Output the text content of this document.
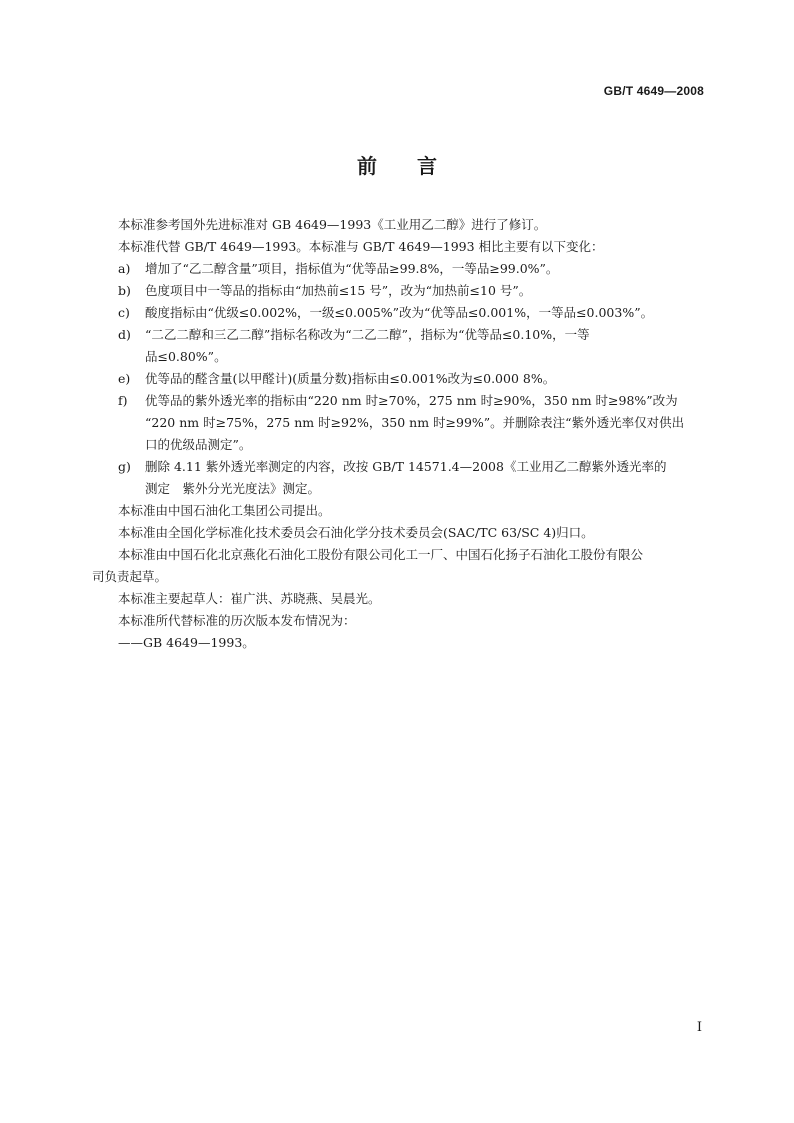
GB/T 4649—2008
前 言

本标准参考国外先进标准对 GB 4649—1993《工业用乙二醇》进行了修订。

本标准代替 GB/T 4649—1993。本标准与 GB/T 4649—1993 相比主要有以下变化：

a)	增加了“乙二醇含量”项目，指标值为“优等品≥99.8%，一等品≥99.0%”。
b)	色度项目中一等品的指标由“加热前≤15 号”，改为“加热前≤10 号”。
c)	酸度指标由“优级≤0.002%，一级≤0.005%”改为“优等品≤0.001%，一等品≤0.003%”。
d)	“二乙二醇和三乙二醇”指标名称改为“二乙二醇”，指标为“优等品≤0.10%，一等
品≤0.80%”。
e)	优等品的醛含量(以甲醛计)(质量分数)指标由≤0.001%改为≤0.000 8%。
f)	优等品的紫外透光率的指标由“220 nm 时≥70%，275 nm 时≥90%，350 nm 时≥98%”改为
“220 nm 时≥75%，275 nm 时≥92%，350 nm 时≥99%”。并删除表注“紫外透光率仅对供出
口的优级品测定”。
g)	删除 4.11 紫外透光率测定的内容，改按 GB/T 14571.4—2008《工业用乙二醇紫外透光率的
测定　紫外分光光度法》测定。

本标准由中国石油化工集团公司提出。

本标准由全国化学标准化技术委员会石油化学分技术委员会(SAC/TC 63/SC 4)归口。

本标准由中国石化北京燕化石油化工股份有限公司化工一厂、中国石化扬子石油化工股份有限公
司负责起草。

本标准主要起草人：崔广洪、苏晓燕、吴晨光。

本标准所代替标准的历次版本发布情况为：

——GB 4649—1993。

I
